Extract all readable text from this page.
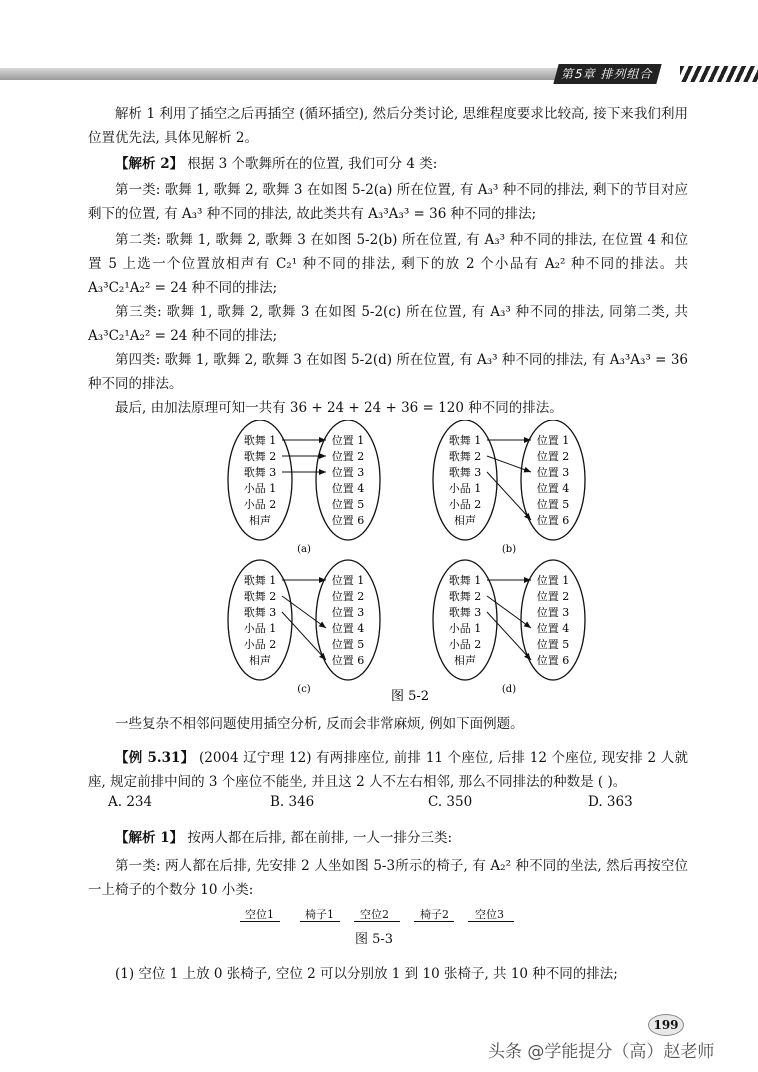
第5章 排列组合
解析 1 利用了插空之后再插空 (循环插空), 然后分类讨论, 思维程度要求比较高, 接下来我们利用位置优先法, 具体见解析 2。
【解析 2】 根据 3 个歌舞所在的位置, 我们可分 4 类:
第一类: 歌舞 1, 歌舞 2, 歌舞 3 在如图 5-2(a) 所在位置, 有 A₃³ 种不同的排法, 剩下的节目对应剩下的位置, 有 A₃³ 种不同的排法, 故此类共有 A₃³A₃³ = 36 种不同的排法;
第二类: 歌舞 1, 歌舞 2, 歌舞 3 在如图 5-2(b) 所在位置, 有 A₃³ 种不同的排法, 在位置 4 和位置 5 上选一个位置放相声有 C₂¹ 种不同的排法, 剩下的放 2 个小品有 A₂² 种不同的排法。共 A₃³C₂¹A₂² = 24 种不同的排法;
第三类: 歌舞 1, 歌舞 2, 歌舞 3 在如图 5-2(c) 所在位置, 有 A₃³ 种不同的排法, 同第二类, 共 A₃³C₂¹A₂² = 24 种不同的排法;
第四类: 歌舞 1, 歌舞 2, 歌舞 3 在如图 5-2(d) 所在位置, 有 A₃³ 种不同的排法, 有 A₃³A₃³ = 36 种不同的排法。
最后, 由加法原理可知一共有 36 + 24 + 24 + 36 = 120 种不同的排法。
歌舞 1
歌舞 2
歌舞 3
小品 1
小品 2
相声
位置 1
位置 2
位置 3
位置 4
位置 5
位置 6
(a)
歌舞 1
歌舞 2
歌舞 3
小品 1
小品 2
相声
位置 1
位置 2
位置 3
位置 4
位置 5
位置 6
(b)
歌舞 1
歌舞 2
歌舞 3
小品 1
小品 2
相声
位置 1
位置 2
位置 3
位置 4
位置 5
位置 6
(c)
歌舞 1
歌舞 2
歌舞 3
小品 1
小品 2
相声
位置 1
位置 2
位置 3
位置 4
位置 5
位置 6
(d)
图 5-2
一些复杂不相邻问题使用插空分析, 反而会非常麻烦, 例如下面例题。
【例 5.31】 (2004 辽宁理 12) 有两排座位, 前排 11 个座位, 后排 12 个座位, 现安排 2 人就座, 规定前排中间的 3 个座位不能坐, 并且这 2 人不左右相邻, 那么不同排法的种数是 ( )。
A. 234	B. 346	C. 350	D. 363
【解析 1】 按两人都在后排, 都在前排, 一人一排分三类:
第一类: 两人都在后排, 先安排 2 人坐如图 5-3所示的椅子, 有 A₂² 种不同的坐法, 然后再按空位一上椅子的个数分 10 小类:
空位1	椅子1 空位2	椅子2 空位3
图 5-3
(1) 空位 1 上放 0 张椅子, 空位 2 可以分别放 1 到 10 张椅子, 共 10 种不同的排法;
199
头条 @学能提分（高）赵老师
